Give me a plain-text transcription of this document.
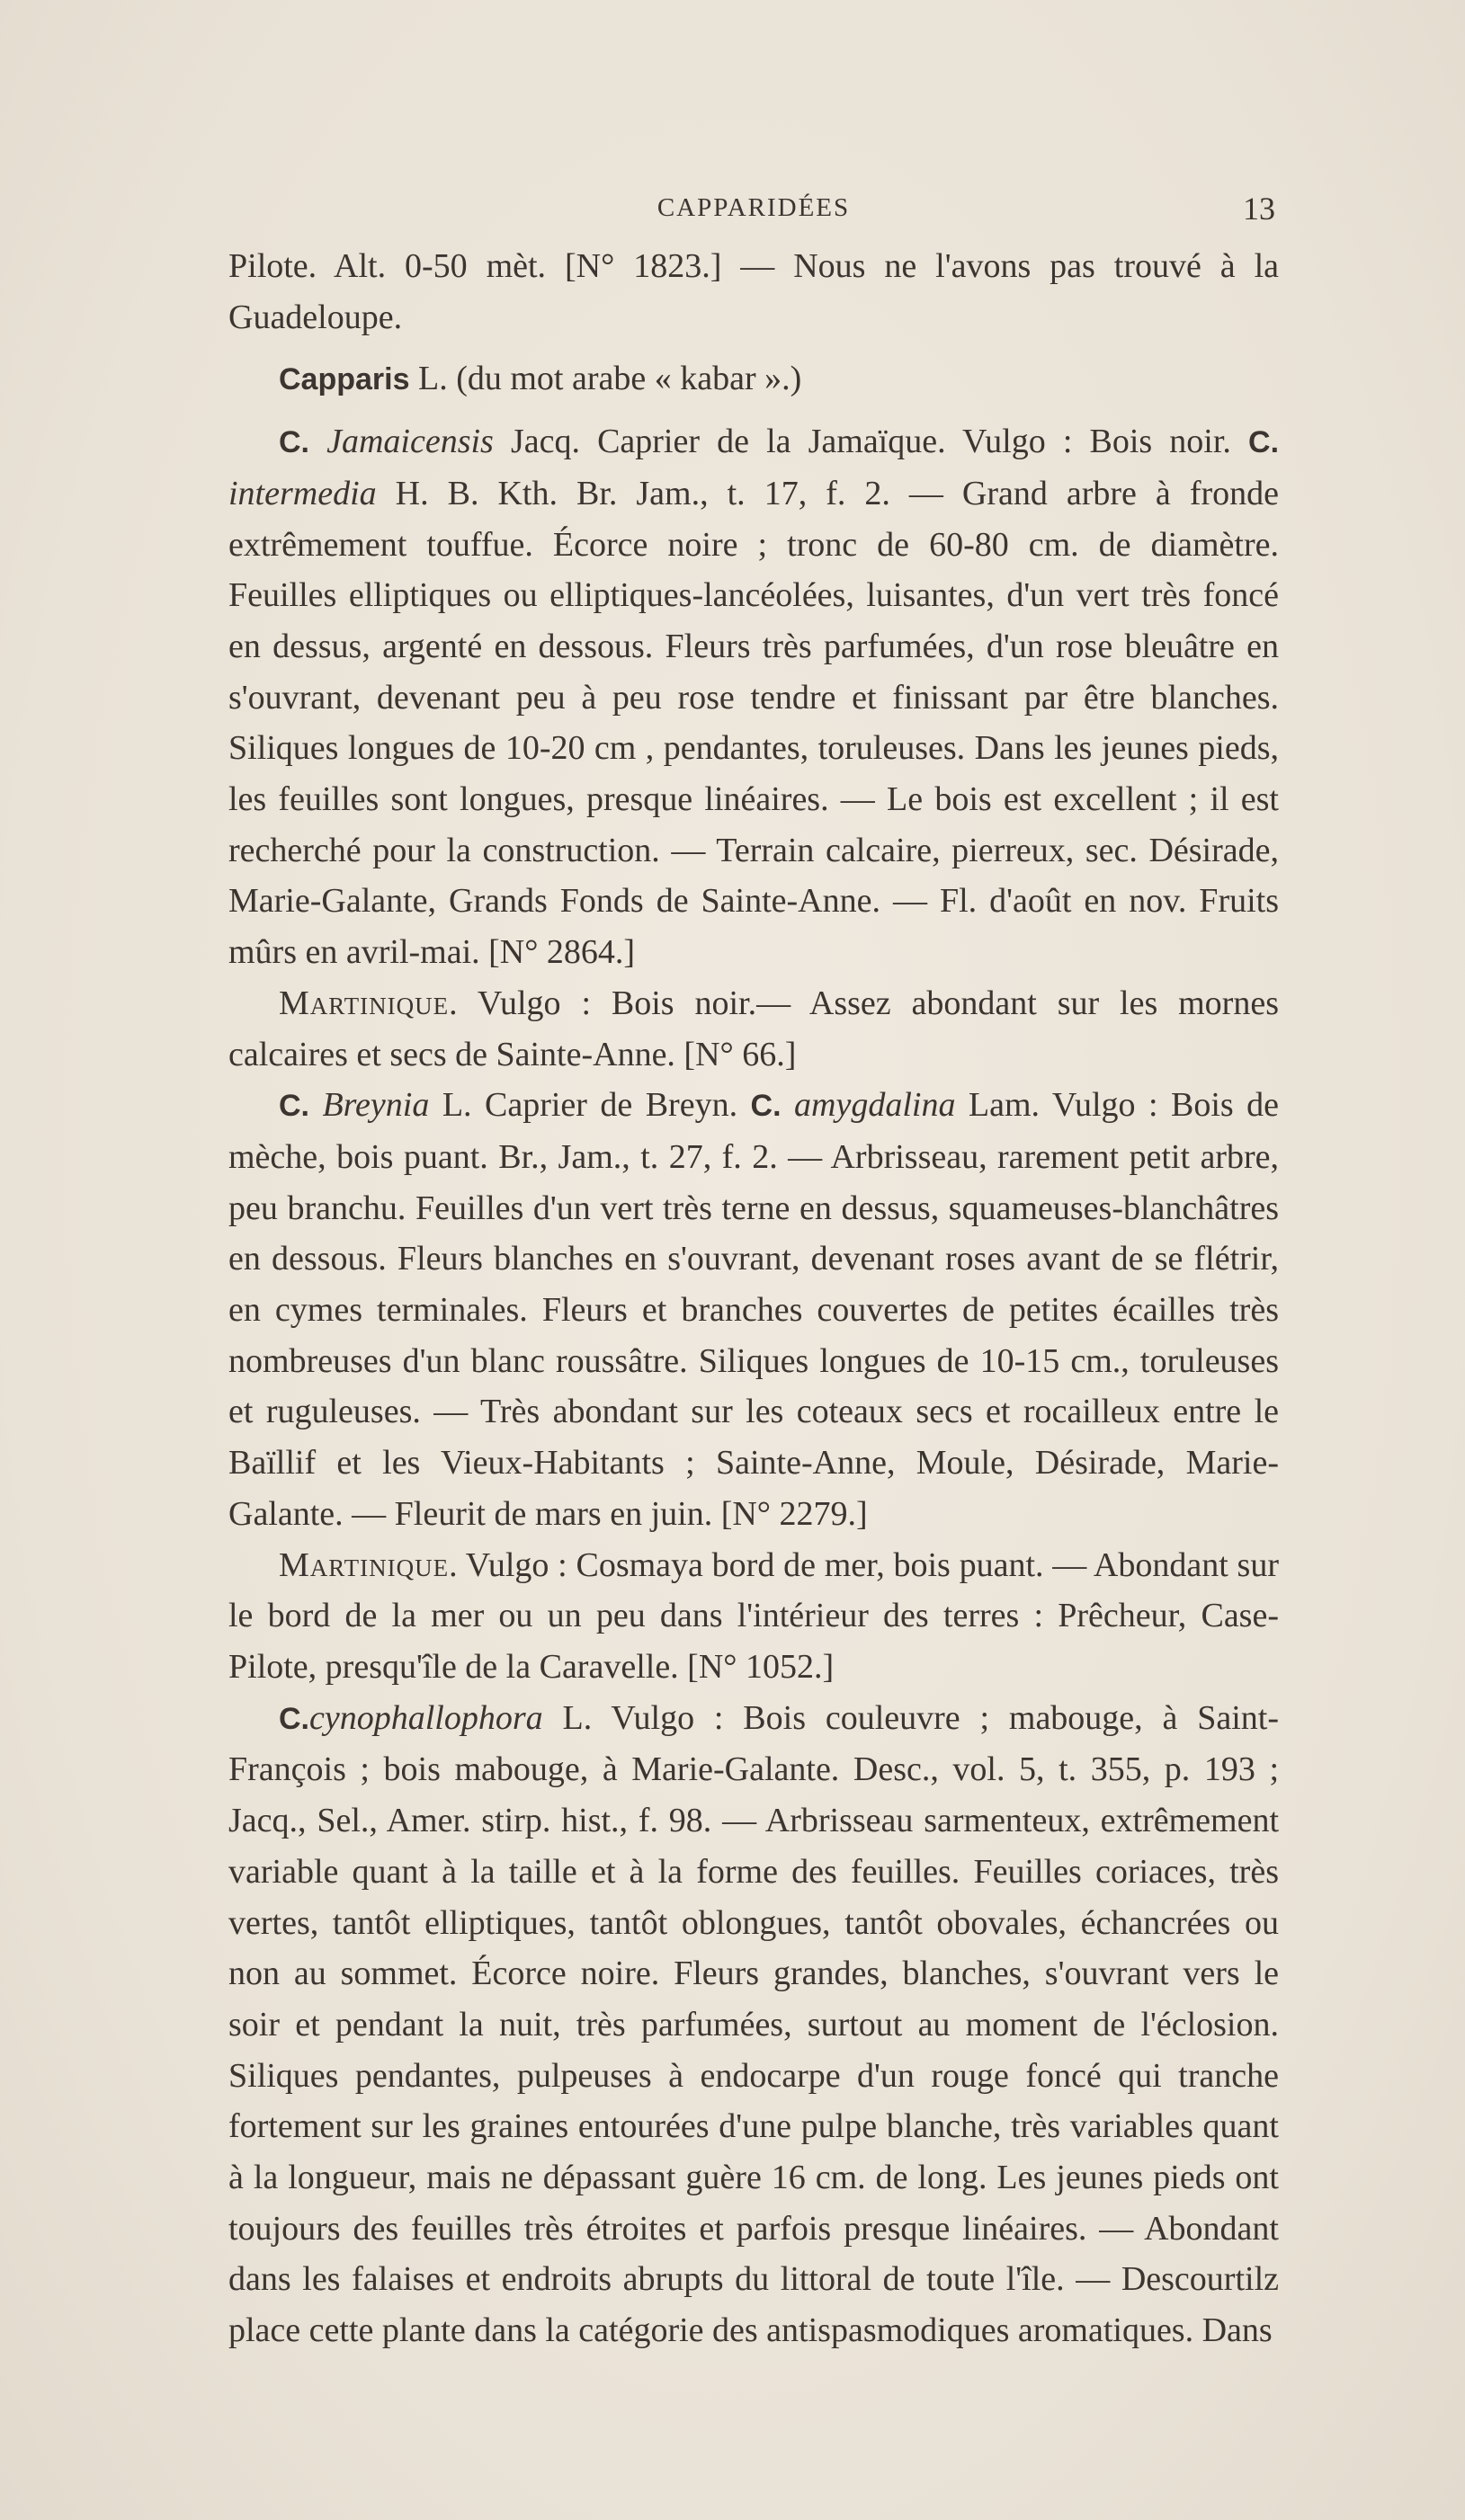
CAPPARIDÉES	13

Pilote. Alt. 0-50 mèt. [N° 1823.] — Nous ne l'avons pas trouvé à la Guadeloupe.

Capparis L. (du mot arabe « kabar ».)

C. Jamaicensis Jacq. Caprier de la Jamaïque. Vulgo : Bois noir. C. intermedia H. B. Kth. Br. Jam., t. 17, f. 2. — Grand arbre à fronde extrêmement touffue. Écorce noire ; tronc de 60-80 cm. de diamètre. Feuilles elliptiques ou elliptiques-lancéolées, luisantes, d'un vert très foncé en dessus, argenté en dessous. Fleurs très parfumées, d'un rose bleuâtre en s'ouvrant, devenant peu à peu rose tendre et finissant par être blanches. Siliques longues de 10-20 cm , pendantes, toruleuses. Dans les jeunes pieds, les feuilles sont longues, presque linéaires. — Le bois est excellent ; il est recherché pour la construction. — Terrain calcaire, pierreux, sec. Désirade, Marie-Galante, Grands Fonds de Sainte-Anne. — Fl. d'août en nov. Fruits mûrs en avril-mai. [N° 2864.]

Martinique. Vulgo : Bois noir.— Assez abondant sur les mornes calcaires et secs de Sainte-Anne. [N° 66.]

C. Breynia L. Caprier de Breyn. C. amygdalina Lam. Vulgo : Bois de mèche, bois puant. Br., Jam., t. 27, f. 2. — Arbrisseau, rarement petit arbre, peu branchu. Feuilles d'un vert très terne en dessus, squameuses-blanchâtres en dessous. Fleurs blanches en s'ouvrant, devenant roses avant de se flétrir, en cymes terminales. Fleurs et branches couvertes de petites écailles très nombreuses d'un blanc roussâtre. Siliques longues de 10-15 cm., toruleuses et ruguleuses. — Très abondant sur les coteaux secs et rocailleux entre le Baïllif et les Vieux-Habitants ; Sainte-Anne, Moule, Désirade, Marie-Galante. — Fleurit de mars en juin. [N° 2279.]

Martinique. Vulgo : Cosmaya bord de mer, bois puant. — Abondant sur le bord de la mer ou un peu dans l'intérieur des terres : Prêcheur, Case-Pilote, presqu'île de la Caravelle. [N° 1052.]

C.cynophallophora L. Vulgo : Bois couleuvre ; mabouge, à Saint-François ; bois mabouge, à Marie-Galante. Desc., vol. 5, t. 355, p. 193 ; Jacq., Sel., Amer. stirp. hist., f. 98. — Arbrisseau sarmenteux, extrêmement variable quant à la taille et à la forme des feuilles. Feuilles coriaces, très vertes, tantôt elliptiques, tantôt oblongues, tantôt obovales, échancrées ou non au sommet. Écorce noire. Fleurs grandes, blanches, s'ouvrant vers le soir et pendant la nuit, très parfumées, surtout au moment de l'éclosion. Siliques pendantes, pulpeuses à endocarpe d'un rouge foncé qui tranche fortement sur les graines entourées d'une pulpe blanche, très variables quant à la longueur, mais ne dépassant guère 16 cm. de long. Les jeunes pieds ont toujours des feuilles très étroites et parfois presque linéaires. — Abondant dans les falaises et endroits abrupts du littoral de toute l'île. — Descourtilz place cette plante dans la catégorie des antispasmodiques aromatiques. Dans
